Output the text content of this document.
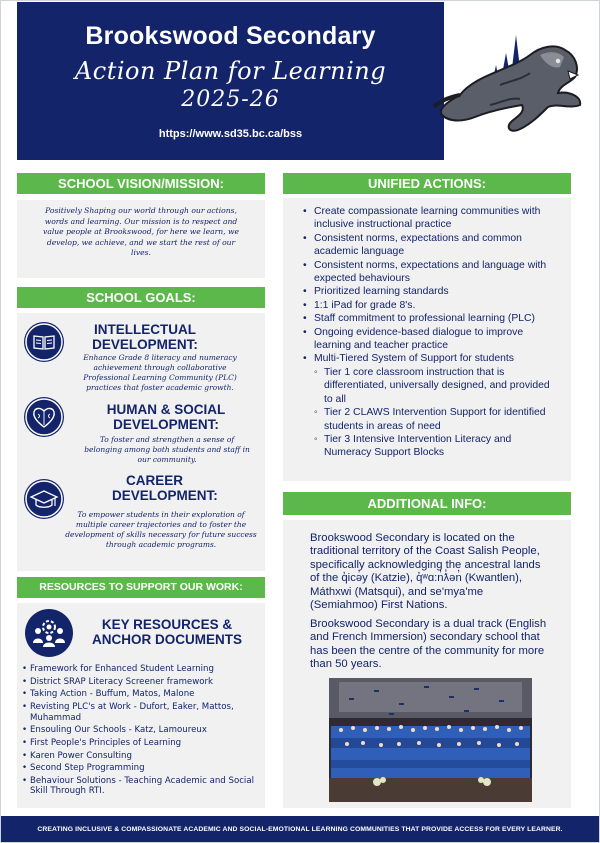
Brookswood Secondary
Action Plan for Learning
2025-26
https://www.sd35.bc.ca/bss
SCHOOL VISION/MISSION:
Positively Shaping our world through our actions, words and learning. Our mission is to respect and value people at Brookswood, for here we learn, we develop, we achieve, and we start the rest of our lives.
SCHOOL GOALS:
INTELLECTUAL DEVELOPMENT:
Enhance Grade 8 literacy and numeracy achievement through collaborative Professional Learning Community (PLC) practices that foster academic growth.
HUMAN & SOCIAL DEVELOPMENT:
To foster and strengthen a sense of belonging among both students and staff in our community.
CAREER DEVELOPMENT:
To empower students in their exploration of multiple career trajectories and to foster the development of skills necessary for future success through academic programs.
RESOURCES TO SUPPORT OUR WORK:
KEY RESOURCES & ANCHOR DOCUMENTS
• Framework for Enhanced Student Learning
• District SRAP Literacy Screener framework
• Taking Action - Buffum, Matos, Malone
• Revisting PLC's at Work - Dufort, Eaker, Mattos, Muhammad
• Ensouling Our Schools - Katz, Lamoureux
• First People's Principles of Learning
• Karen Power Consulting
• Second Step Programming
• Behaviour Solutions - Teaching Academic and Social Skill Through RTI.
UNIFIED ACTIONS:
• Create compassionate learning communities with inclusive instructional practice
• Consistent norms, expectations and common academic language
• Consistent norms, expectations and language with expected behaviours
• Prioritized learning standards
• 1:1 iPad for grade 8's.
• Staff commitment to professional learning (PLC)
• Ongoing evidence-based dialogue to improve learning and teacher practice
• Multi-Tiered System of Support for students
◦ Tier 1 core classroom instruction that is differentiated, universally designed, and provided to all
◦ Tier 2 CLAWS Intervention Support for identified students in areas of need
◦ Tier 3 Intensive Intervention Literacy and Numeracy Support Blocks
ADDITIONAL INFO:
Brookswood Secondary is located on the traditional territory of the Coast Salish People, specifically acknowledging the ancestral lands of the q̓icə̓y (Katzie), q̓ʷɑ:n̓ƛ̓ən̓ (Kwantlen), Máthxwi (Matsqui), and se'mya'me (Semiahmoo) First Nations.
Brookswood Secondary is a dual track (English and French Immersion) secondary school that has been the centre of the community for more than 50 years.
CREATING INCLUSIVE & COMPASSIONATE ACADEMIC AND SOCIAL-EMOTIONAL LEARNING COMMUNITIES THAT PROVIDE ACCESS FOR EVERY LEARNER.
